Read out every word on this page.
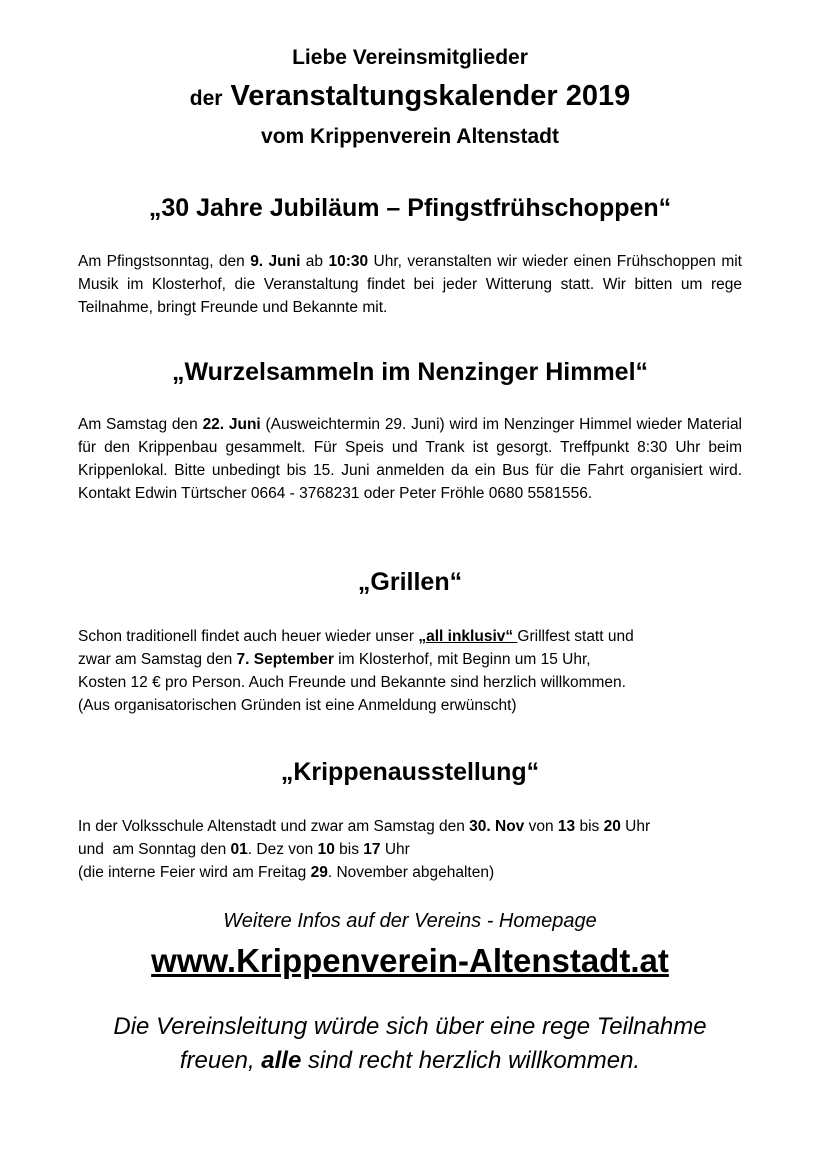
Liebe Vereinsmitglieder
der Veranstaltungskalender 2019
vom Krippenverein Altenstadt
„30 Jahre Jubiläum – Pfingstfrühschoppen“
Am Pfingstsonntag, den 9. Juni ab 10:30 Uhr, veranstalten wir wieder einen Frühschoppen mit Musik im Klosterhof, die Veranstaltung findet bei jeder Witterung statt. Wir bitten um rege Teilnahme, bringt Freunde und Bekannte mit.
„Wurzelsammeln im Nenzinger Himmel“
Am Samstag den 22. Juni (Ausweichtermin 29. Juni) wird im Nenzinger Himmel wieder Material für den Krippenbau gesammelt. Für Speis und Trank ist gesorgt. Treffpunkt 8:30 Uhr beim Krippenlokal. Bitte unbedingt bis 15. Juni anmelden da ein Bus für die Fahrt organisiert wird. Kontakt Edwin Türtscher 0664 - 3768231 oder Peter Fröhle 0680 5581556.
„Grillen“
Schon traditionell findet auch heuer wieder unser „all inklusiv“ Grillfest statt und
zwar am Samstag den 7. September im Klosterhof, mit Beginn um 15 Uhr,
Kosten 12 € pro Person. Auch Freunde und Bekannte sind herzlich willkommen.
(Aus organisatorischen Gründen ist eine Anmeldung erwünscht)
„Krippenausstellung“
In der Volksschule Altenstadt und zwar am Samstag den 30. Nov von 13 bis 20 Uhr
und  am Sonntag den 01. Dez von 10 bis 17 Uhr
(die interne Feier wird am Freitag 29. November abgehalten)
Weitere Infos auf der Vereins - Homepage
www.Krippenverein-Altenstadt.at
Die Vereinsleitung würde sich über eine rege Teilnahme
freuen, alle sind recht herzlich willkommen.
